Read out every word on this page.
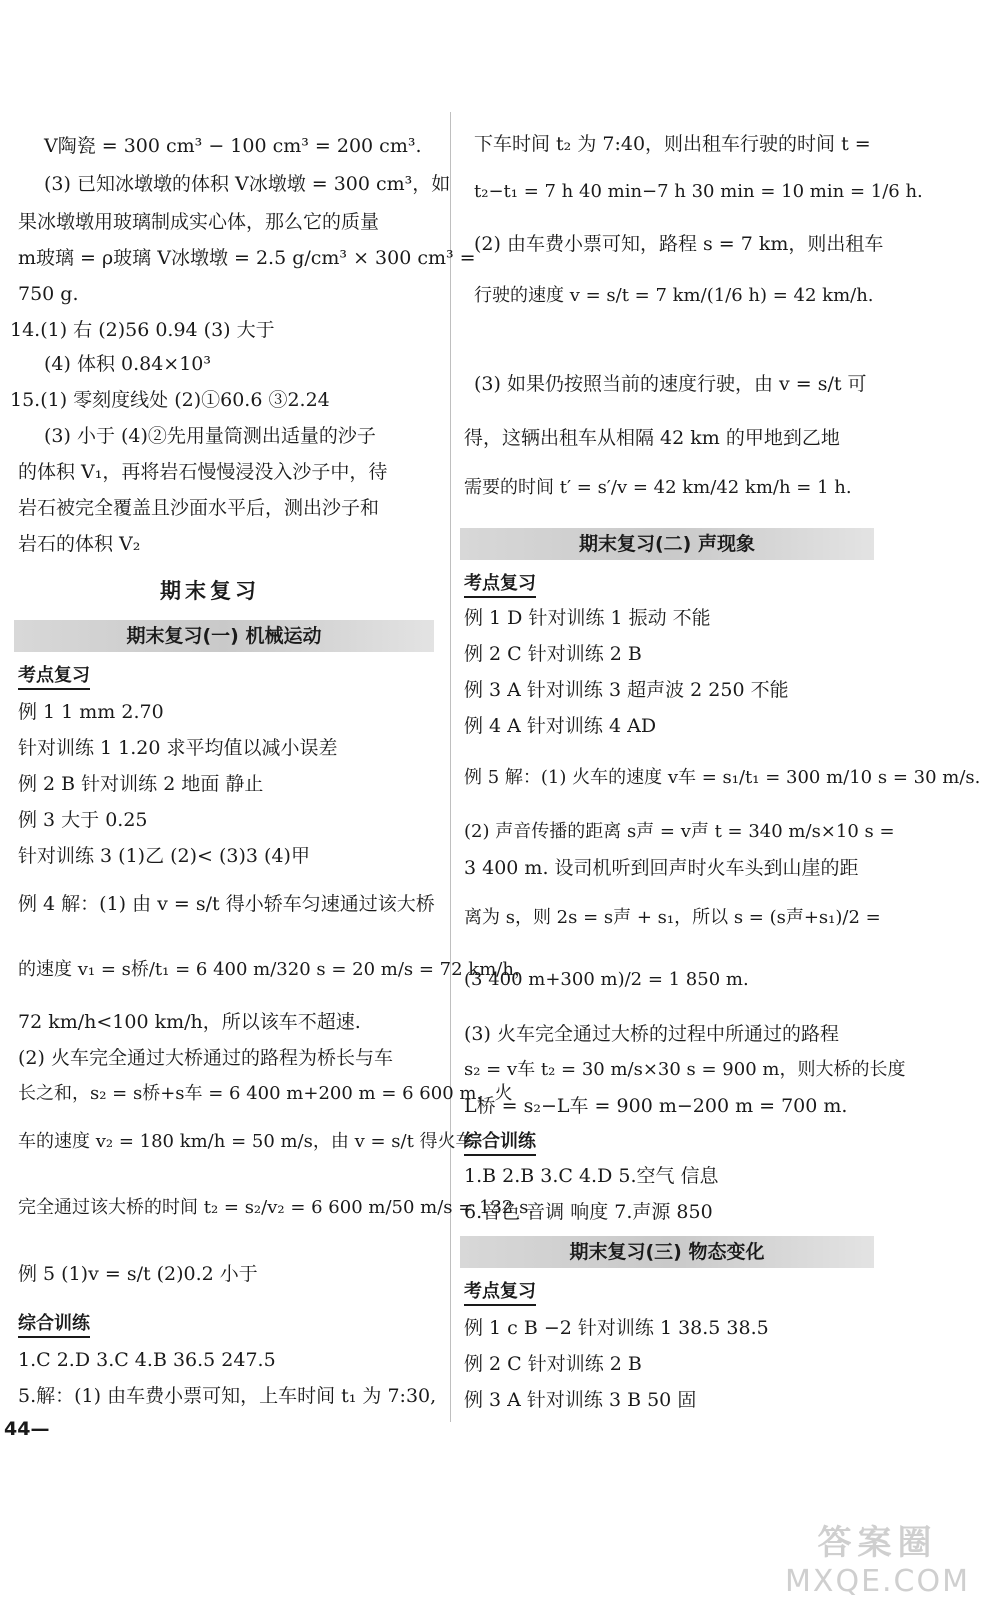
V陶瓷 = 300 cm³ − 100 cm³ = 200 cm³.
(3) 已知冰墩墩的体积 V冰墩墩 = 300 cm³，如
果冰墩墩用玻璃制成实心体，那么它的质量
m玻璃 = ρ玻璃 V冰墩墩 = 2.5 g/cm³ × 300 cm³ =
750 g.
14.(1) 右 (2)56 0.94 (3) 大于
(4) 体积 0.84×10³
15.(1) 零刻度线处 (2)①60.6 ③2.24
(3) 小于 (4)②先用量筒测出适量的沙子
的体积 V₁，再将岩石慢慢浸没入沙子中，待
岩石被完全覆盖且沙面水平后，测出沙子和
岩石的体积 V₂
期末复习
期末复习(一) 机械运动
考点复习
例 1 1 mm 2.70
针对训练 1 1.20 求平均值以减小误差
例 2 B 针对训练 2 地面 静止
例 3 大于 0.25
针对训练 3 (1)乙 (2)< (3)3 (4)甲
例 4 解：(1) 由 v = s/t 得小轿车匀速通过该大桥
的速度 v₁ = s桥/t₁ = 6 400 m/320 s = 20 m/s = 72 km/h，
72 km/h<100 km/h，所以该车不超速.
(2) 火车完全通过大桥通过的路程为桥长与车
长之和，s₂ = s桥+s车 = 6 400 m+200 m = 6 600 m，火
车的速度 v₂ = 180 km/h = 50 m/s，由 v = s/t 得火车
完全通过该大桥的时间 t₂ = s₂/v₂ = 6 600 m/50 m/s = 132 s.
例 5 (1)v = s/t (2)0.2 小于
综合训练
1.C 2.D 3.C 4.B 36.5 247.5
5.解：(1) 由车费小票可知，上车时间 t₁ 为 7:30,
44—
下车时间 t₂ 为 7:40，则出租车行驶的时间 t =
t₂−t₁ = 7 h 40 min−7 h 30 min = 10 min = 1/6 h.
(2) 由车费小票可知，路程 s = 7 km，则出租车
行驶的速度 v = s/t = 7 km/(1/6 h) = 42 km/h.
(3) 如果仍按照当前的速度行驶，由 v = s/t 可
得，这辆出租车从相隔 42 km 的甲地到乙地
需要的时间 t′ = s′/v = 42 km/42 km/h = 1 h.
期末复习(二) 声现象
考点复习
例 1 D 针对训练 1 振动 不能
例 2 C 针对训练 2 B
例 3 A 针对训练 3 超声波 2 250 不能
例 4 A 针对训练 4 AD
例 5 解：(1) 火车的速度 v车 = s₁/t₁ = 300 m/10 s = 30 m/s.
(2) 声音传播的距离 s声 = v声 t = 340 m/s×10 s =
3 400 m. 设司机听到回声时火车头到山崖的距
离为 s，则 2s = s声 + s₁，所以 s = (s声+s₁)/2 =
(3 400 m+300 m)/2 = 1 850 m.
(3) 火车完全通过大桥的过程中所通过的路程
s₂ = v车 t₂ = 30 m/s×30 s = 900 m，则大桥的长度
L桥 = s₂−L车 = 900 m−200 m = 700 m.
综合训练
1.B 2.B 3.C 4.D 5.空气 信息
6.音色 音调 响度 7.声源 850
期末复习(三) 物态变化
考点复习
例 1 c B −2 针对训练 1 38.5 38.5
例 2 C 针对训练 2 B
例 3 A 针对训练 3 B 50 固
答案圈
MXQE.COM
